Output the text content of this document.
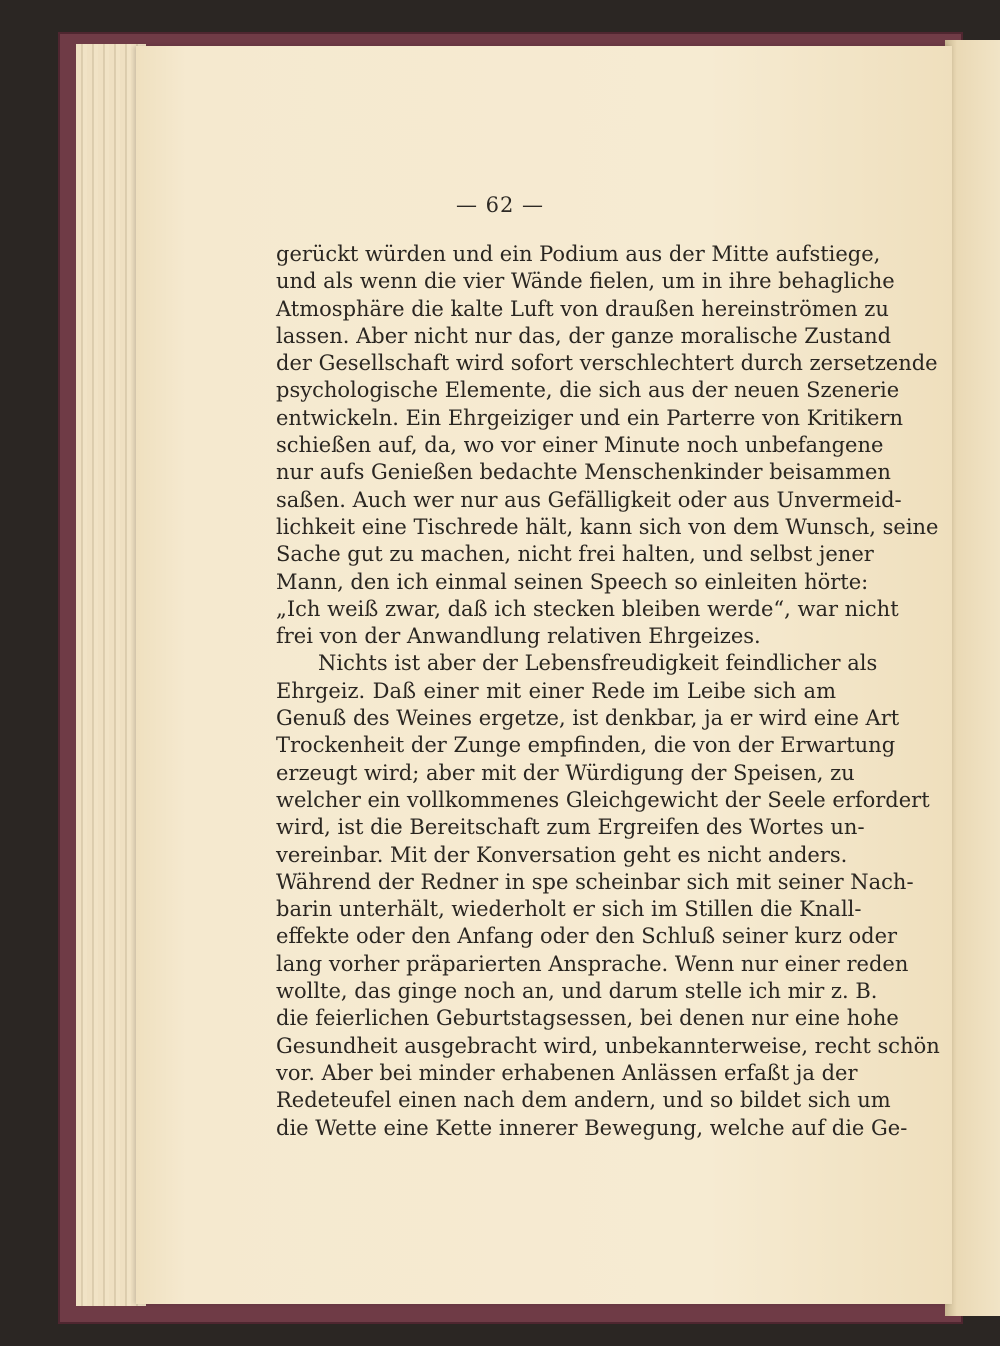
— 62 —
gerückt würden und ein Podium aus der Mitte aufstiege,
und als wenn die vier Wände fielen, um in ihre behagliche
Atmosphäre die kalte Luft von draußen hereinströmen zu
lassen. Aber nicht nur das, der ganze moralische Zustand
der Gesellschaft wird sofort verschlechtert durch zersetzende
psychologische Elemente, die sich aus der neuen Szenerie
entwickeln. Ein Ehrgeiziger und ein Parterre von Kritikern
schießen auf, da, wo vor einer Minute noch unbefangene
nur aufs Genießen bedachte Menschenkinder beisammen
saßen. Auch wer nur aus Gefälligkeit oder aus Unvermeid-
lichkeit eine Tischrede hält, kann sich von dem Wunsch, seine
Sache gut zu machen, nicht frei halten, und selbst jener
Mann, den ich einmal seinen Speech so einleiten hörte:
„Ich weiß zwar, daß ich stecken bleiben werde“, war nicht
frei von der Anwandlung relativen Ehrgeizes.
Nichts ist aber der Lebensfreudigkeit feindlicher als
Ehrgeiz. Daß einer mit einer Rede im Leibe sich am
Genuß des Weines ergetze, ist denkbar, ja er wird eine Art
Trockenheit der Zunge empfinden, die von der Erwartung
erzeugt wird; aber mit der Würdigung der Speisen, zu
welcher ein vollkommenes Gleichgewicht der Seele erfordert
wird, ist die Bereitschaft zum Ergreifen des Wortes un-
vereinbar. Mit der Konversation geht es nicht anders.
Während der Redner in spe scheinbar sich mit seiner Nach-
barin unterhält, wiederholt er sich im Stillen die Knall-
effekte oder den Anfang oder den Schluß seiner kurz oder
lang vorher präparierten Ansprache. Wenn nur einer reden
wollte, das ginge noch an, und darum stelle ich mir z. B.
die feierlichen Geburtstagsessen, bei denen nur eine hohe
Gesundheit ausgebracht wird, unbekannterweise, recht schön
vor. Aber bei minder erhabenen Anlässen erfaßt ja der
Redeteufel einen nach dem andern, und so bildet sich um
die Wette eine Kette innerer Bewegung, welche auf die Ge-
